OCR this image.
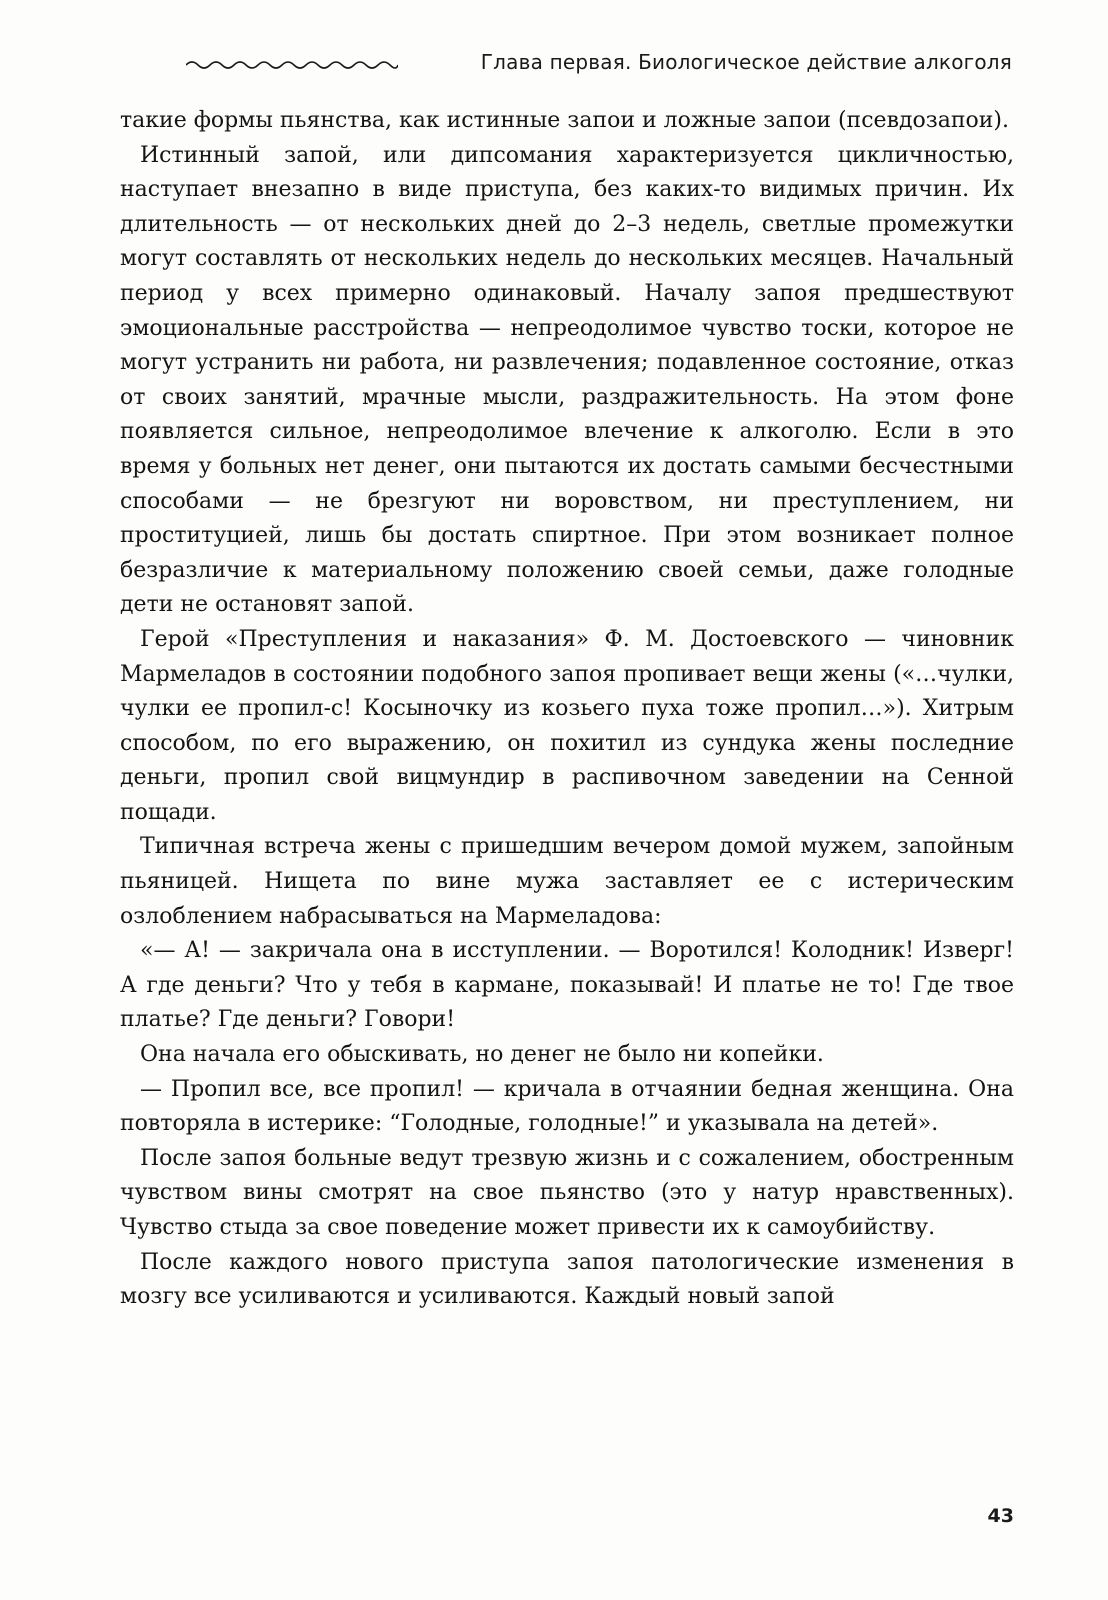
Глава первая. Биологическое действие алкоголя

такие формы пьянства, как истинные запои и ложные запои (псевдозапои).

Истинный запой, или дипсомания характеризуется цикличностью, наступает внезапно в виде приступа, без каких-то видимых причин. Их длительность — от нескольких дней до 2–3 недель, светлые промежутки могут составлять от нескольких недель до нескольких месяцев. Начальный период у всех примерно одинаковый. Началу запоя предшествуют эмоциональные расстройства — непреодолимое чувство тоски, которое не могут устранить ни работа, ни развлечения; подавленное состояние, отказ от своих занятий, мрачные мысли, раздражительность. На этом фоне появляется сильное, непреодолимое влечение к алкоголю. Если в это время у больных нет денег, они пытаются их достать самыми бесчестными способами — не брезгуют ни воровством, ни преступлением, ни проституцией, лишь бы достать спиртное. При этом возникает полное безразличие к материальному положению своей семьи, даже голодные дети не остановят запой.

Герой «Преступления и наказания» Ф. М. Достоевского — чиновник Мармеладов в состоянии подобного запоя пропивает вещи жены («…чулки, чулки ее пропил-с! Косыночку из козьего пуха тоже пропил…»). Хитрым способом, по его выражению, он похитил из сундука жены последние деньги, пропил свой вицмундир в распивочном заведении на Сенной пощади.

Типичная встреча жены с пришедшим вечером домой мужем, запойным пьяницей. Нищета по вине мужа заставляет ее с истерическим озлоблением набрасываться на Мармеладова:

«— А! — закричала она в исступлении. — Воротился! Колодник! Изверг! А где деньги? Что у тебя в кармане, показывай! И платье не то! Где твое платье? Где деньги? Говори!

Она начала его обыскивать, но денег не было ни копейки.

— Пропил все, все пропил! — кричала в отчаянии бедная женщина. Она повторяла в истерике: “Голодные, голодные!” и указывала на детей».

После запоя больные ведут трезвую жизнь и с сожалением, обостренным чувством вины смотрят на свое пьянство (это у натур нравственных). Чувство стыда за свое поведение может привести их к самоубийству.

После каждого нового приступа запоя патологические изменения в мозгу все усиливаются и усиливаются. Каждый новый запой

43
